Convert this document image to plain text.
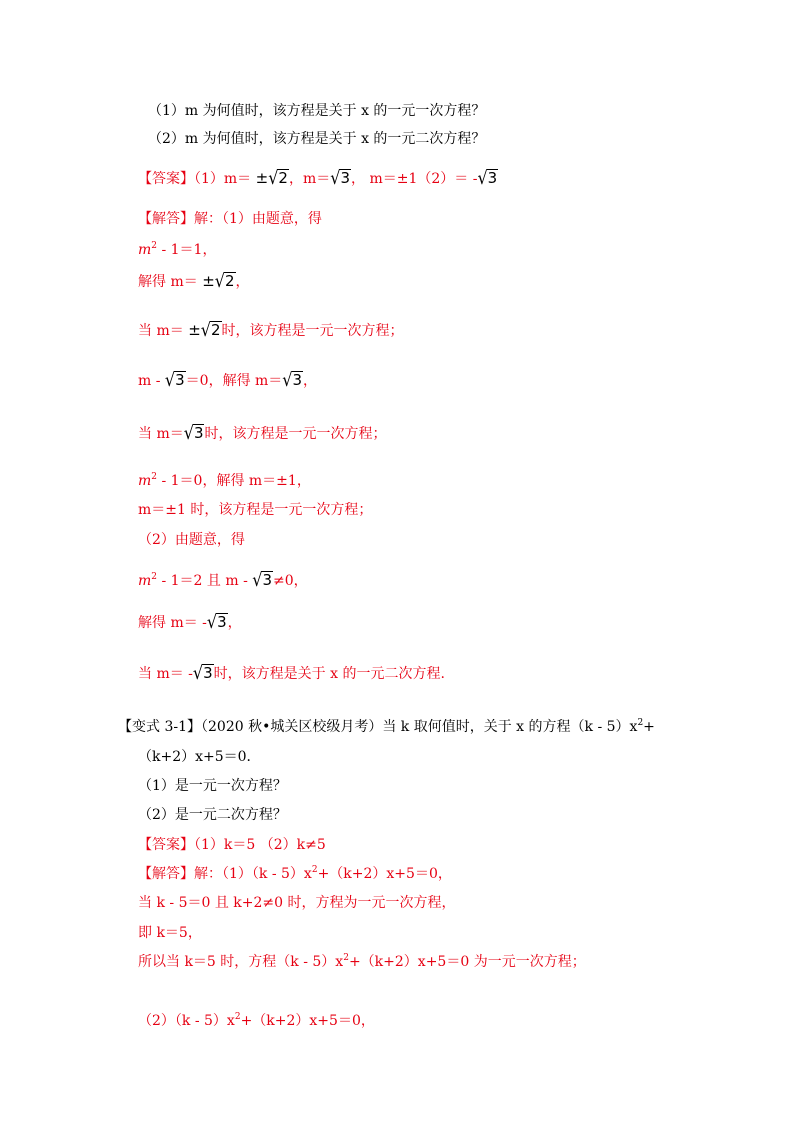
（1）m 为何值时，该方程是关于 x 的一元一次方程？
（2）m 为何值时，该方程是关于 x 的一元二次方程？
【答案】（1）m＝ ±√2，m＝√3， m＝±1（2）＝ -√3
【解答】解：（1）由题意，得
$m^2 - 1=1$，
解得 m＝ ±√2，
当 m＝ ±√2时，该方程是一元一次方程；
m - √3＝0，解得 m＝√3，
当 m＝√3时，该方程是一元一次方程；
$m^2 - 1=0$，解得 m＝±1，
m＝±1 时，该方程是一元一次方程；
（2）由题意，得
$m^2 - 1=2$ 且 m - √3≠0，
解得 m＝ -√3，
当 m＝ -√3时，该方程是关于 x 的一元二次方程.
【变式 3-1】（2020 秋•城关区校级月考）当 k 取何值时，关于 x 的方程$(k - 5)x^2+$
（k+2）x+5＝0．
（1）是一元一次方程？
（2）是一元二次方程？
【答案】（1）k＝5 （2）k≠5
【解答】解：$(1)(k - 5)x^2+(k+2)x+5=0$，
当 k - 5＝0 且 k+2≠0 时，方程为一元一次方程，
即 k＝5，
所以当 k＝5 时，方程$(k - 5)x^2+(k+2)x+5=0$ 为一元一次方程；
$(2)(k - 5)x^2+(k+2)x+5=0$，
